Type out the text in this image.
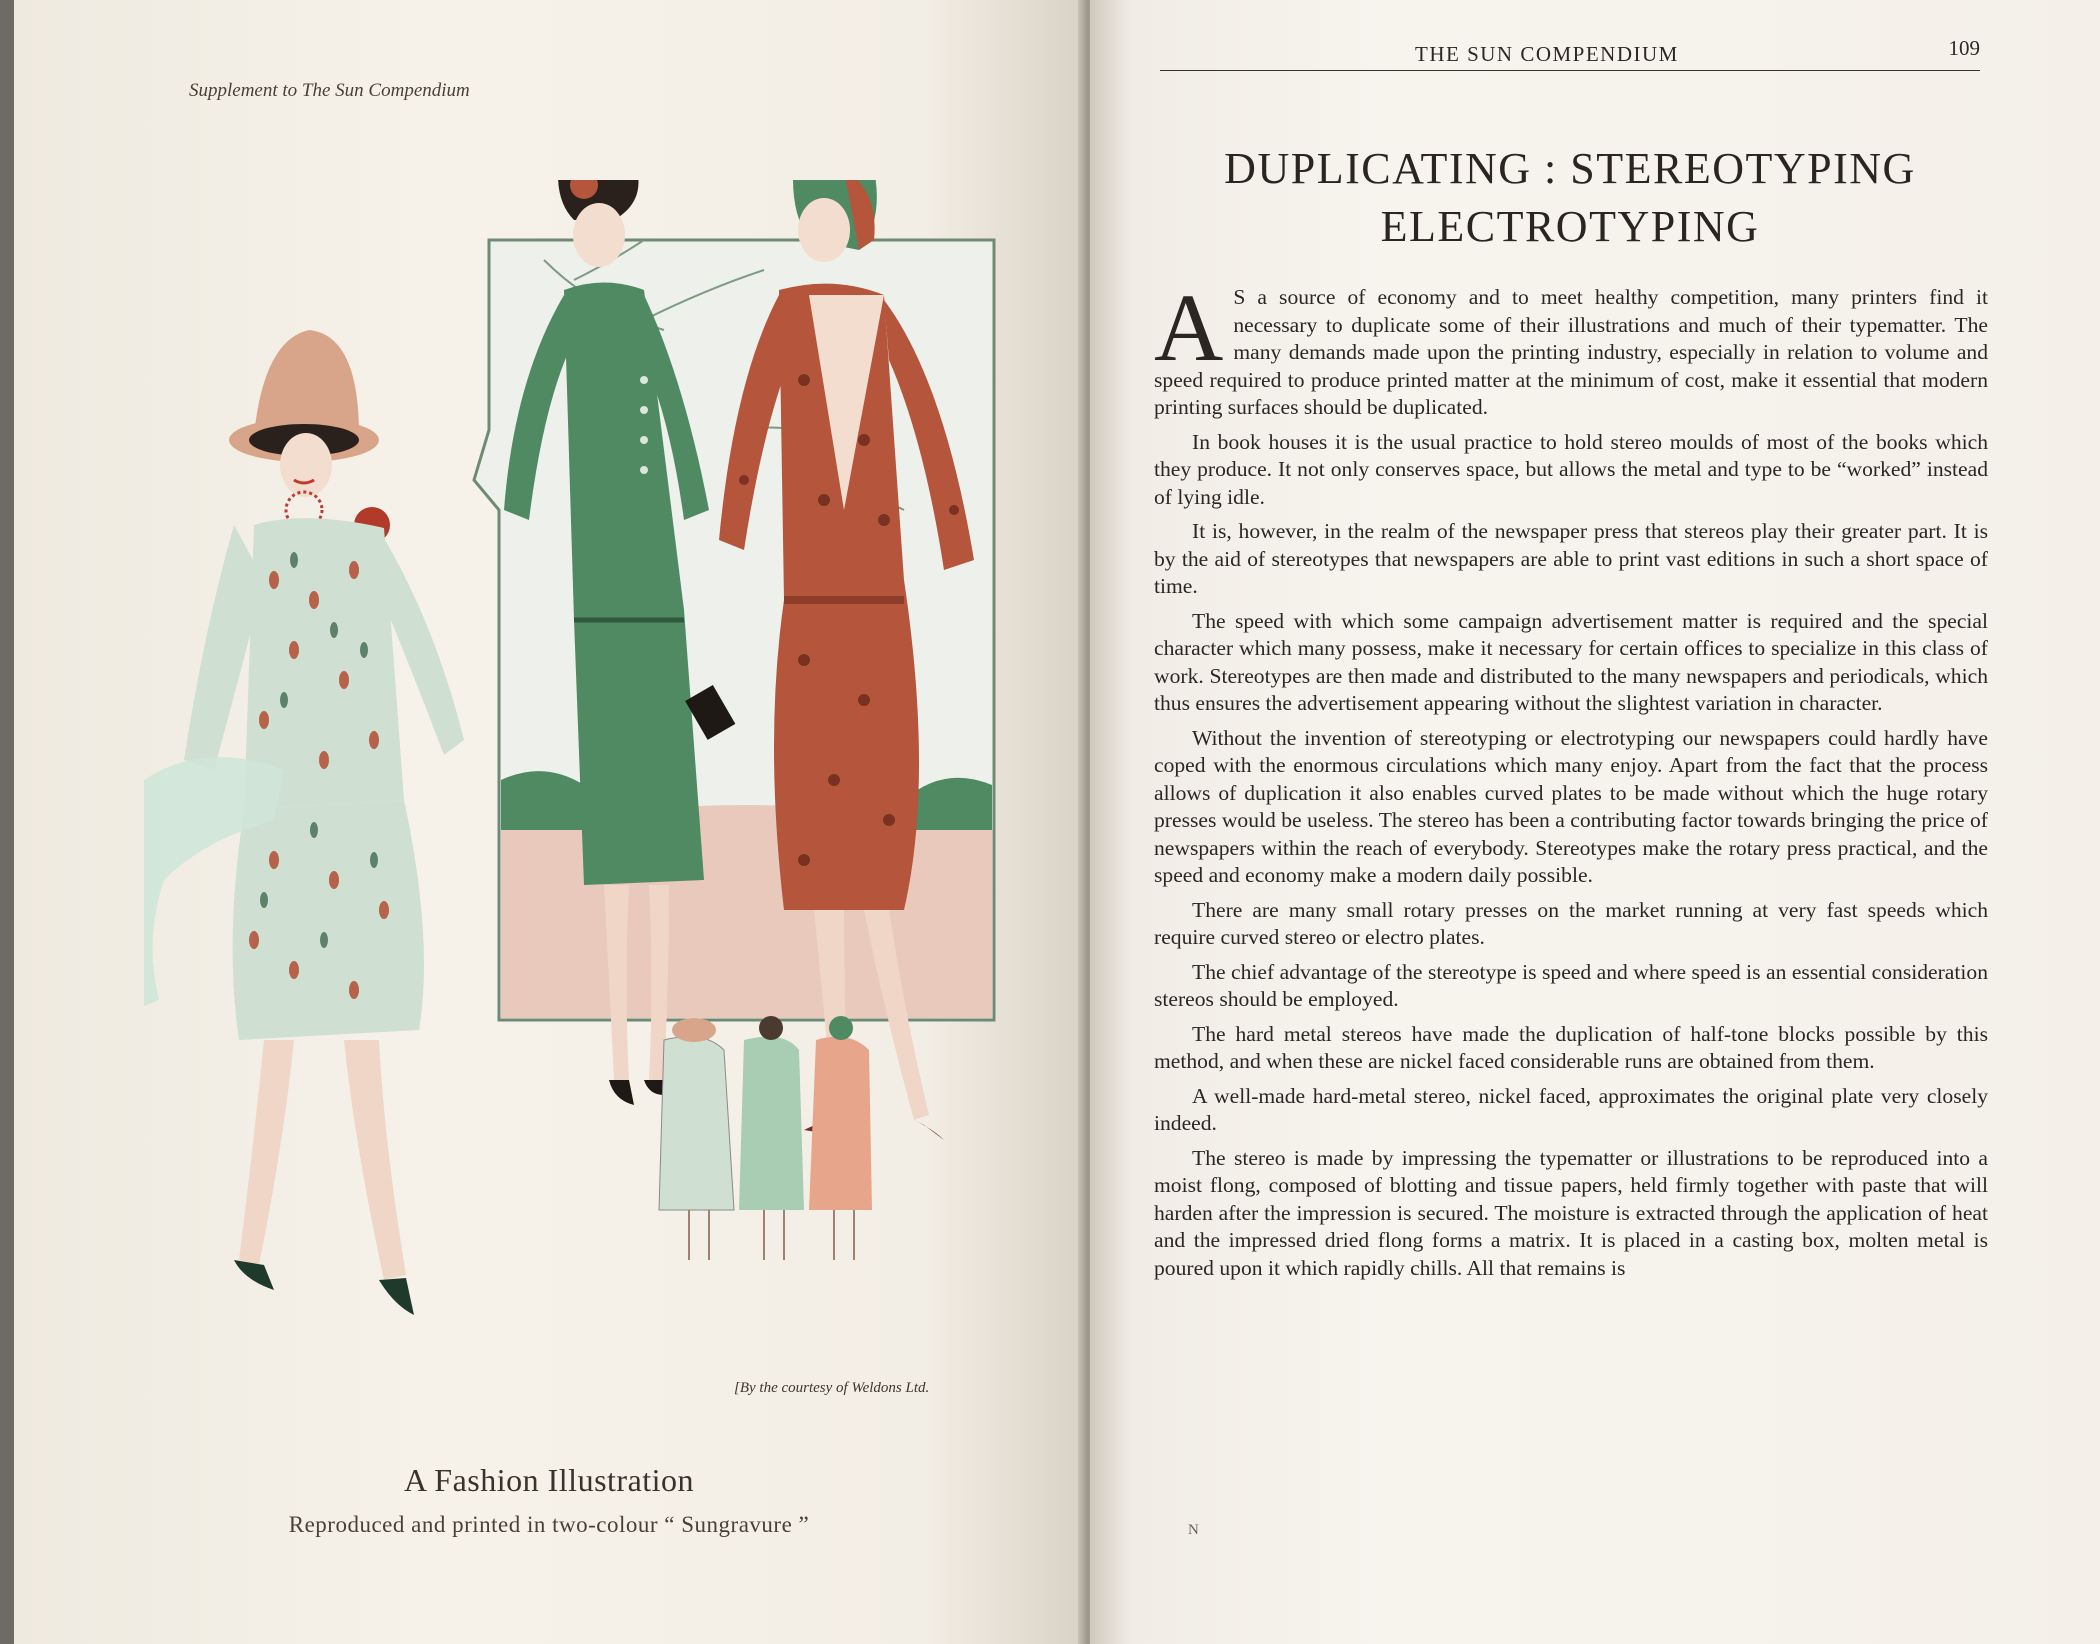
Supplement to The Sun Compendium
[By the courtesy of Weldons Ltd.
A Fashion Illustration
Reproduced and printed in two-colour “ Sungravure ”
THE SUN COMPENDIUM	109
DUPLICATING : STEREOTYPING
ELECTROTYPING

A S a source of economy and to meet healthy competition, many printers find it necessary to duplicate some of their illustrations and much of their typematter. The many demands made upon the printing industry, especially in relation to volume and speed required to produce printed matter at the minimum of cost, make it essential that modern printing surfaces should be duplicated.

In book houses it is the usual practice to hold stereo moulds of most of the books which they produce. It not only conserves space, but allows the metal and type to be “worked” instead of lying idle.

It is, however, in the realm of the newspaper press that stereos play their greater part. It is by the aid of stereotypes that newspapers are able to print vast editions in such a short space of time.

The speed with which some campaign advertisement matter is required and the special character which many possess, make it necessary for certain offices to specialize in this class of work. Stereotypes are then made and distributed to the many newspapers and periodicals, which thus ensures the advertisement appearing without the slightest variation in character.

Without the invention of stereotyping or electrotyping our newspapers could hardly have coped with the enormous circulations which many enjoy. Apart from the fact that the process allows of duplication it also enables curved plates to be made without which the huge rotary presses would be useless. The stereo has been a contributing factor towards bringing the price of newspapers within the reach of everybody. Stereotypes make the rotary press practical, and the speed and economy make a modern daily possible.

There are many small rotary presses on the market running at very fast speeds which require curved stereo or electro plates.

The chief advantage of the stereotype is speed and where speed is an essential consideration stereos should be employed.

The hard metal stereos have made the duplication of half-tone blocks possible by this method, and when these are nickel faced considerable runs are obtained from them.

A well-made hard-metal stereo, nickel faced, approximates the original plate very closely indeed.

The stereo is made by impressing the typematter or illustrations to be reproduced into a moist flong, composed of blotting and tissue papers, held firmly together with paste that will harden after the impression is secured. The moisture is extracted through the application of heat and the impressed dried flong forms a matrix. It is placed in a casting box, molten metal is poured upon it which rapidly chills. All that remains is

N
